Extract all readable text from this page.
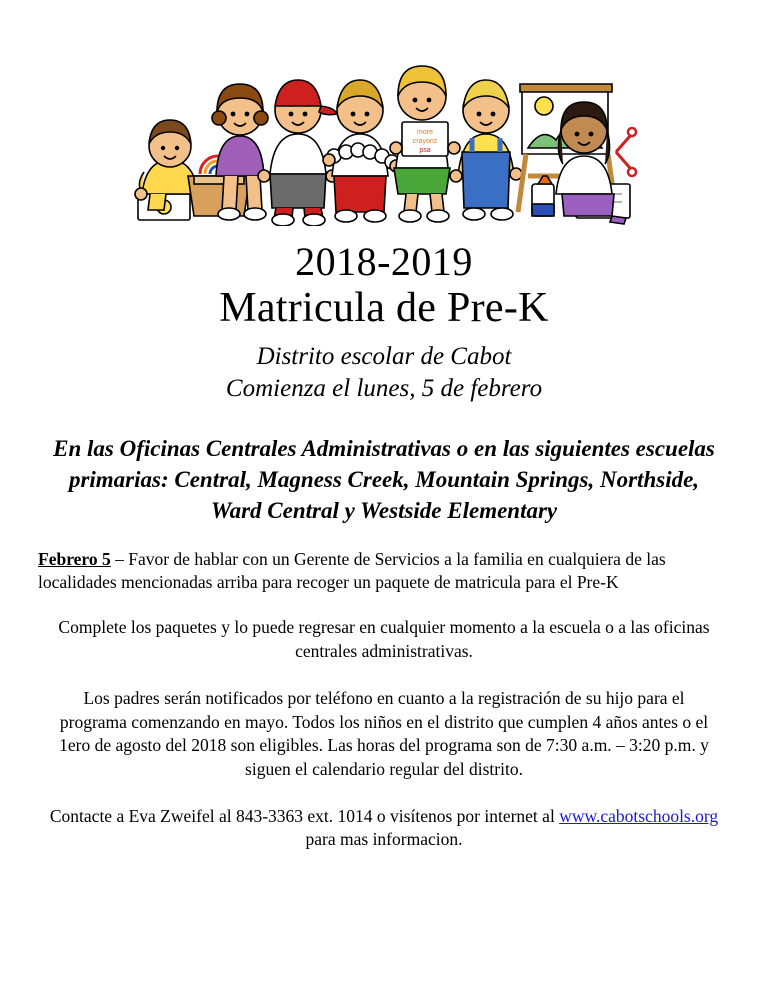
more
crayonz
psa
2018-2019
Matricula de Pre-K
Distrito escolar de Cabot
Comienza el lunes, 5 de febrero
En las Oficinas Centrales Administrativas o en las siguientes escuelas primarias: Central, Magness Creek, Mountain Springs, Northside, Ward Central y Westside Elementary

Febrero 5 – Favor de hablar con un Gerente de Servicios a la familia en cualquiera de las localidades mencionadas arriba para recoger un paquete de matricula para el Pre-K

Complete los paquetes y lo puede regresar en cualquier momento a la escuela o a las oficinas centrales administrativas.

Los padres serán notificados por teléfono en cuanto a la registración de su hijo para el programa comenzando en mayo. Todos los niños en el distrito que cumplen 4 años antes o el 1ero de agosto del 2018 son eligibles. Las horas del programa son de 7:30 a.m. – 3:20 p.m. y siguen el calendario regular del distrito.

Contacte a Eva Zweifel al 843-3363 ext. 1014 o visítenos por internet al www.cabotschools.org para mas informacion.
